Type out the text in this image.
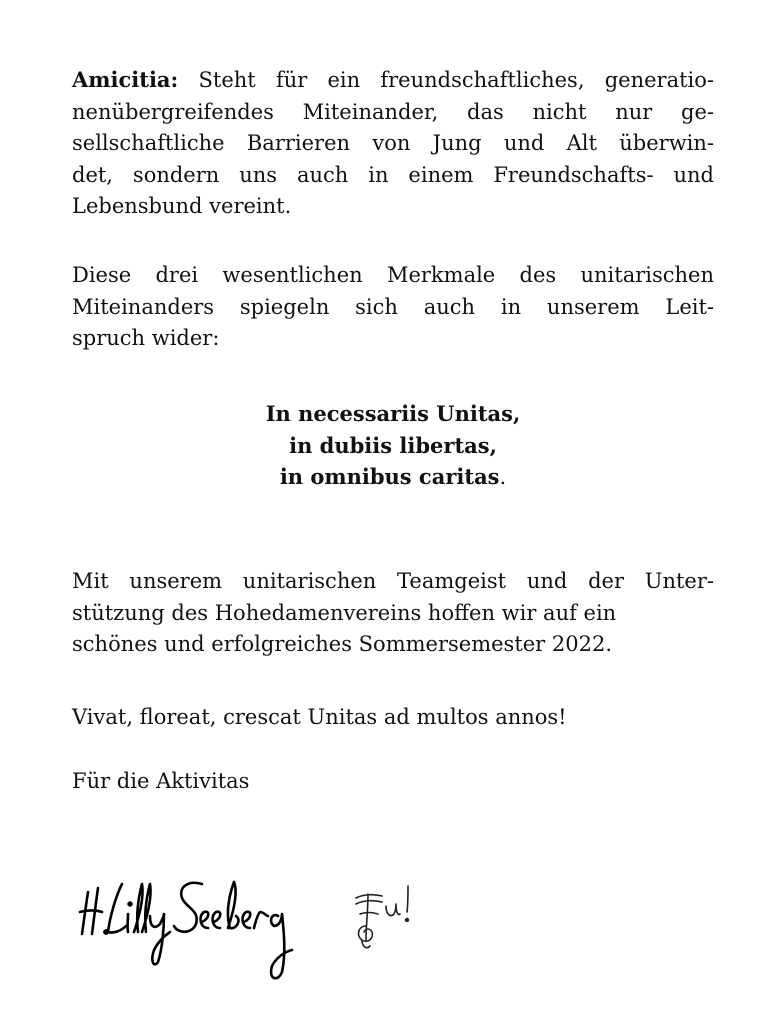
Amicitia: Steht für ein freundschaftliches, generatio-
nenübergreifendes Miteinander, das nicht nur ge-
sellschaftliche Barrieren von Jung und Alt überwin-
det, sondern uns auch in einem Freundschafts- und
Lebensbund vereint.
Diese drei wesentlichen Merkmale des unitarischen
Miteinanders spiegeln sich auch in unserem Leit-
spruch wider:
In necessariis Unitas,
in dubiis libertas,
in omnibus caritas.
Mit unserem unitarischen Teamgeist und der Unter-
stützung des Hohedamenvereins hoffen wir auf ein
schönes und erfolgreiches Sommersemester 2022.
Vivat, floreat, crescat Unitas ad multos annos!
Für die Aktivitas
